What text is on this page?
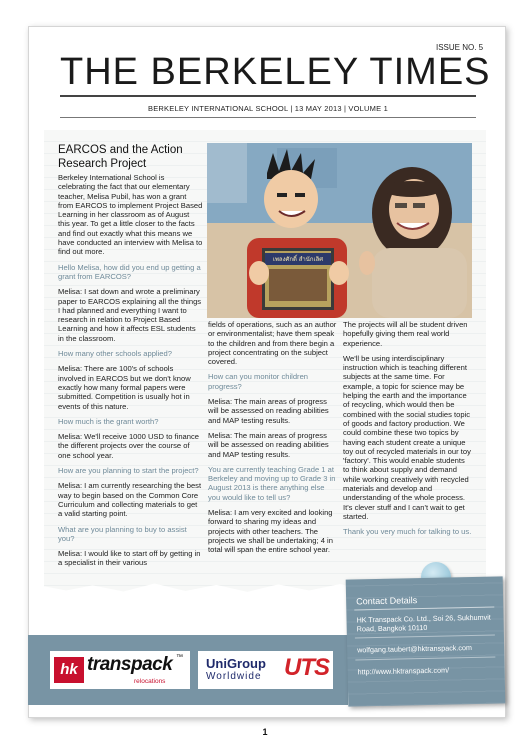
ISSUE NO. 5
THE BERKELEY TIMES
BERKELEY INTERNATIONAL SCHOOL | 13 MAY 2013 | VOLUME 1
EARCOS and the Action Research Project

Berkeley International School is celebrating the fact that our elementary teacher, Melisa Pubil, has won a grant from EARCOS to implement Project Based Learning in her classroom as of August this year. To get a little closer to the facts and find out exactly what this means we have conducted an interview with Melisa to find out more.

Hello Melisa, how did you end up getting a grant from EARCOS?

Melisa: I sat down and wrote a preliminary paper to EARCOS explaining all the things I had planned and everything I want to research in relation to Project Based Learning and how it affects ESL students in the classroom.

How many other schools applied?

Melisa: There are 100's of schools involved in EARCOS but we don't know exactly how many formal papers were submitted. Competition is usually hot in events of this nature.

How much is the grant worth?

Melisa: We'll receive 1000 USD to finance the different projects over the course of one school year.

How are you planning to start the project?

Melisa: I am currently researching the best way to begin based on the Common Core Curriculum and collecting materials to get a valid starting point.

What are you planning to buy to assist you?

Melisa: I would like to start off by getting in a specialist in their various

เพลงศักดิ์ สำนักเลิศ

fields of operations, such as an author or environmentalist; have them speak to the children and from there begin a project concentrating on the subject covered.

How can you monitor children progress?

Melisa: The main areas of progress will be assessed on reading abilities and MAP testing results.

Melisa: The main areas of progress will be assessed on reading abilities and MAP testing results.

You are currently teaching Grade 1 at Berkeley and moving up to Grade 3 in August 2013 is there anything else you would like to tell us?

Melisa: I am very excited and looking forward to sharing my ideas and projects with other teachers. The projects we shall be undertaking; 4 in total will span the entire school year.

The projects will all be student driven hopefully giving them real world experience.

We'll be using interdisciplinary instruction which is teaching different subjects at the same time. For example, a topic for science may be helping the earth and the importance of recycling, which would then be combined with the social studies topic of goods and factory production. We could combine these two topics by having each student create a unique toy out of recycled materials in our toy 'factory'. This would enable students to think about supply and demand while working creatively with recycled materials and develop and understanding of the whole process. It's clever stuff and I can't wait to get started.

Thank you very much for talking to us.

hk transpack ™
relocations
UniGroup
Worldwide UTS
Contact Details
HK Transpack Co. Ltd., Soi 26, Sukhumvit Road, Bangkok 10110
wolfgang.taubert@hktranspack.com
http://www.hktranspack.com/
1
